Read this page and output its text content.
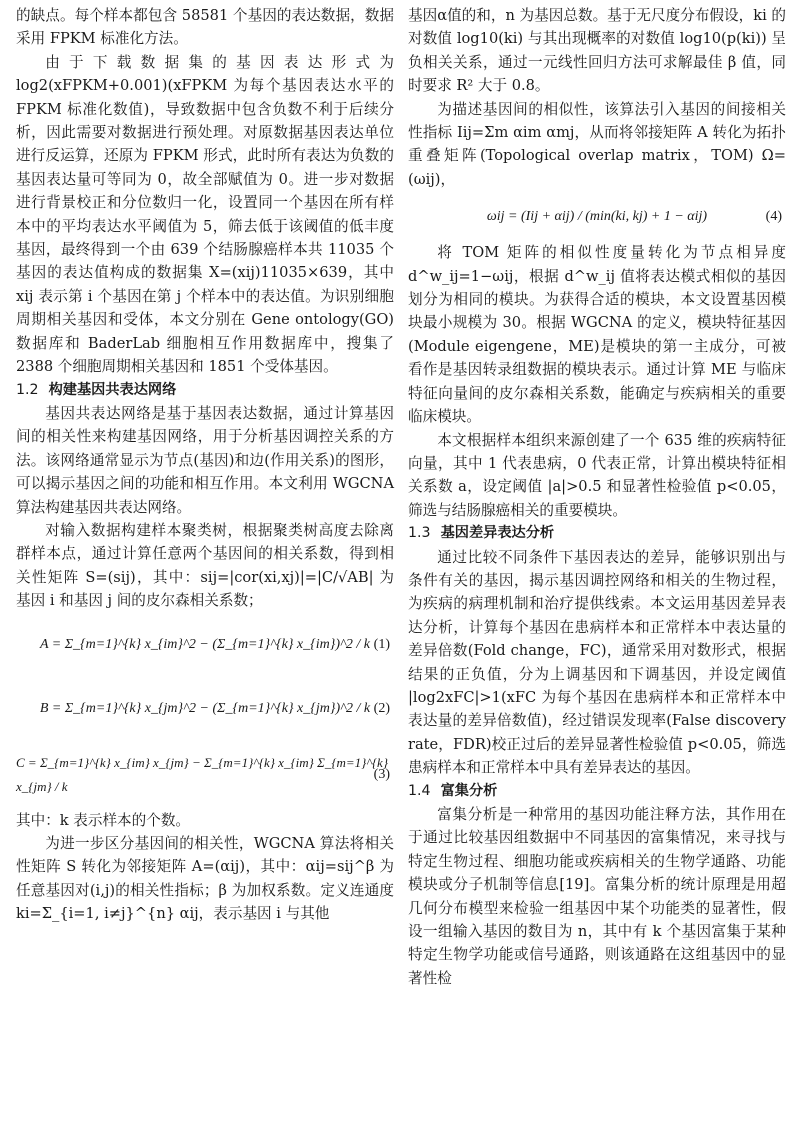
的缺点。每个样本都包含 58581 个基因的表达数据，数据采用 FPKM 标准化方法。

由于下载数据集的基因表达形式为 log2(xFPKM+0.001)(xFPKM 为每个基因表达水平的 FPKM 标准化数值)，导致数据中包含负数不利于后续分析，因此需要对数据进行预处理。对原数据基因表达单位进行反运算，还原为 FPKM 形式，此时所有表达为负数的基因表达量可等同为 0，故全部赋值为 0。进一步对数据进行背景校正和分位数归一化，设置同一个基因在所有样本中的平均表达水平阈值为 5，筛去低于该阈值的低丰度基因，最终得到一个由 639 个结肠腺癌样本共 11035 个基因的表达值构成的数据集 X=(xij)11035×639，其中 xij 表示第 i 个基因在第 j 个样本中的表达值。为识别细胞周期相关基因和受体，本文分别在 Gene ontology(GO) 数据库和 BaderLab 细胞相互作用数据库中，搜集了 2388 个细胞周期相关基因和 1851 个受体基因。

1.2 构建基因共表达网络

基因共表达网络是基于基因表达数据，通过计算基因间的相关性来构建基因网络，用于分析基因调控关系的方法。该网络通常显示为节点(基因)和边(作用关系)的图形，可以揭示基因之间的功能和相互作用。本文利用 WGCNA 算法构建基因共表达网络。

对输入数据构建样本聚类树，根据聚类树高度去除离群样本点，通过计算任意两个基因间的相关系数，得到相关性矩阵 S=(sij)，其中：sij=|cor(xi,xj)|=|C/√AB| 为基因 i 和基因 j 间的皮尔森相关系数；

A = Σ_{m=1}^{k} x_{im}^2 − (Σ_{m=1}^{k} x_{im})^2 / k (1)
B = Σ_{m=1}^{k} x_{jm}^2 − (Σ_{m=1}^{k} x_{jm})^2 / k (2)
C = Σ_{m=1}^{k} x_{im} x_{jm} − Σ_{m=1}^{k} x_{im} Σ_{m=1}^{k} x_{jm} / k
(3)

其中：k 表示样本的个数。

为进一步区分基因间的相关性，WGCNA 算法将相关性矩阵 S 转化为邻接矩阵 A=(αij)，其中：αij=sij^β 为任意基因对(i,j)的相关性指标；β 为加权系数。定义连通度 ki=Σ_{i=1, i≠j}^{n} αij，表示基因 i 与其他

基因α值的和，n 为基因总数。基于无尺度分布假设，ki 的对数值 log10(ki) 与其出现概率的对数值 log10(p(ki)) 呈负相关关系，通过一元线性回归方法可求解最佳 β 值，同时要求 R² 大于 0.8。

为描述基因间的相似性，该算法引入基因的间接相关性指标 Iij=Σm αim αmj，从而将邻接矩阵 A 转化为拓扑重叠矩阵(Topological overlap matrix，TOM) Ω=(ωij)，

ωij = (Iij + αij) / (min(ki, kj) + 1 − αij)	(4)

将 TOM 矩阵的相似性度量转化为节点相异度 d^w_ij=1−ωij，根据 d^w_ij 值将表达模式相似的基因划分为相同的模块。为获得合适的模块，本文设置基因模块最小规模为 30。根据 WGCNA 的定义，模块特征基因(Module eigengene，ME)是模块的第一主成分，可被看作是基因转录组数据的模块表示。通过计算 ME 与临床特征向量间的皮尔森相关系数，能确定与疾病相关的重要临床模块。

本文根据样本组织来源创建了一个 635 维的疾病特征向量，其中 1 代表患病，0 代表正常，计算出模块特征相关系数 a，设定阈值 |a|>0.5 和显著性检验值 p<0.05，筛选与结肠腺癌相关的重要模块。

1.3 基因差异表达分析

通过比较不同条件下基因表达的差异，能够识别出与条件有关的基因，揭示基因调控网络和相关的生物过程，为疾病的病理机制和治疗提供线索。本文运用基因差异表达分析，计算每个基因在患病样本和正常样本中表达量的差异倍数(Fold change，FC)，通常采用对数形式，根据结果的正负值，分为上调基因和下调基因，并设定阈值 |log2xFC|>1(xFC 为每个基因在患病样本和正常样本中表达量的差异倍数值)，经过错误发现率(False discovery rate，FDR)校正过后的差异显著性检验值 p<0.05，筛选患病样本和正常样本中具有差异表达的基因。

1.4 富集分析

富集分析是一种常用的基因功能注释方法，其作用在于通过比较基因组数据中不同基因的富集情况，来寻找与特定生物过程、细胞功能或疾病相关的生物学通路、功能模块或分子机制等信息[19]。富集分析的统计原理是用超几何分布模型来检验一组基因中某个功能类的显著性，假设一组输入基因的数目为 n，其中有 k 个基因富集于某种特定生物学功能或信号通路，则该通路在这组基因中的显著性检
